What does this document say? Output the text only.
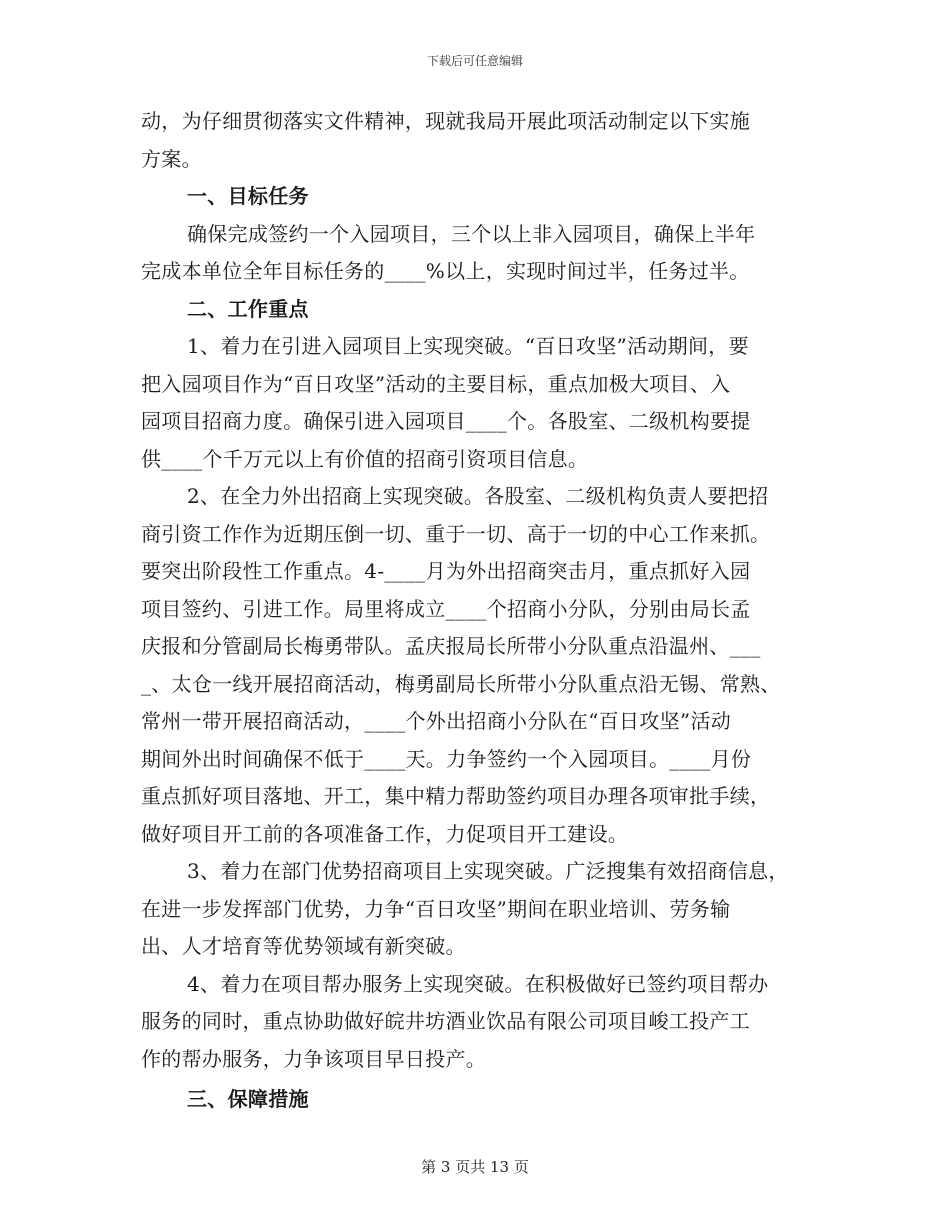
下载后可任意编辑
动，为仔细贯彻落实文件精神，现就我局开展此项活动制定以下实施
方案。
一、目标任务
确保完成签约一个入园项目，三个以上非入园项目，确保上半年
完成本单位全年目标任务的____%以上，实现时间过半，任务过半。
二、工作重点
1、着力在引进入园项目上实现突破。“百日攻坚”活动期间，要
把入园项目作为“百日攻坚”活动的主要目标，重点加极大项目、入
园项目招商力度。确保引进入园项目____个。各股室、二级机构要提
供____个千万元以上有价值的招商引资项目信息。
2、在全力外出招商上实现突破。各股室、二级机构负责人要把招
商引资工作作为近期压倒一切、重于一切、高于一切的中心工作来抓。
要突出阶段性工作重点。4-____月为外出招商突击月，重点抓好入园
项目签约、引进工作。局里将成立____个招商小分队，分别由局长孟
庆报和分管副局长梅勇带队。孟庆报局长所带小分队重点沿温州、___
_、太仓一线开展招商活动，梅勇副局长所带小分队重点沿无锡、常熟、
常州一带开展招商活动，____个外出招商小分队在“百日攻坚”活动
期间外出时间确保不低于____天。力争签约一个入园项目。____月份
重点抓好项目落地、开工，集中精力帮助签约项目办理各项审批手续，
做好项目开工前的各项准备工作，力促项目开工建设。
3、着力在部门优势招商项目上实现突破。广泛搜集有效招商信息，
在进一步发挥部门优势，力争“百日攻坚”期间在职业培训、劳务输
出、人才培育等优势领域有新突破。
4、着力在项目帮办服务上实现突破。在积极做好已签约项目帮办
服务的同时，重点协助做好皖井坊酒业饮品有限公司项目峻工投产工
作的帮办服务，力争该项目早日投产。
三、保障措施
第 3 页共 13 页
